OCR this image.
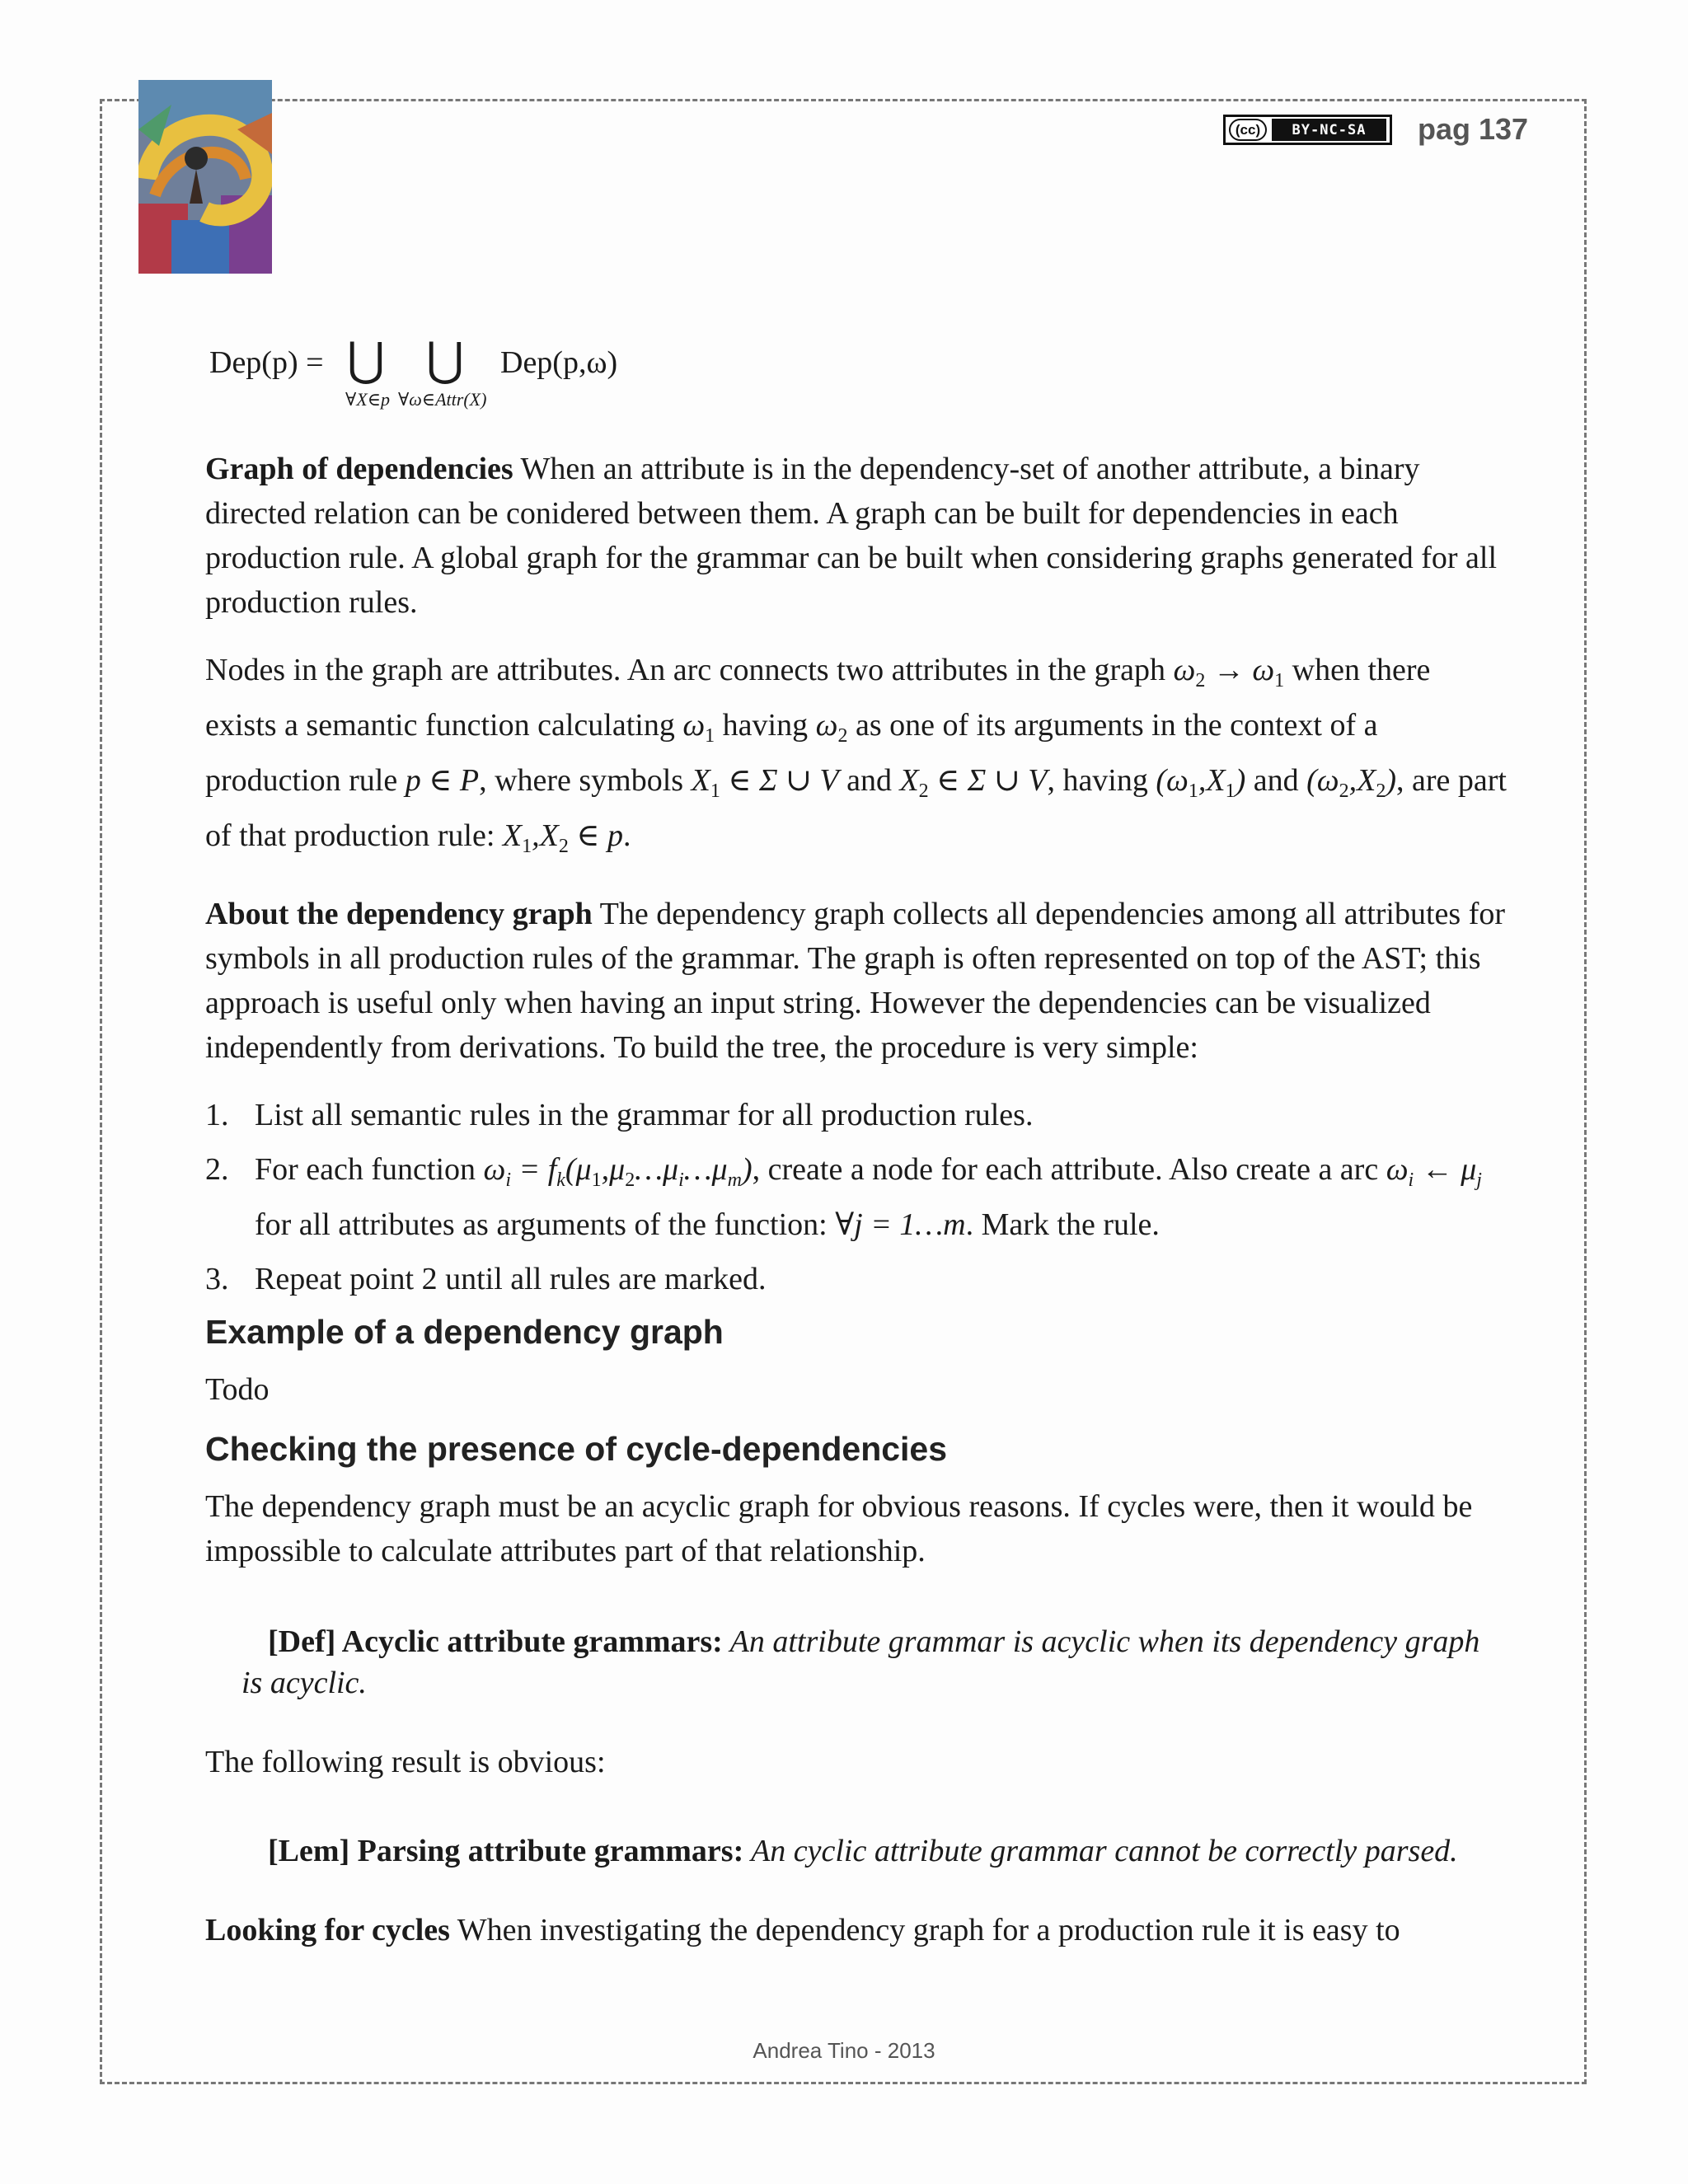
(cc)	BY-NC-SA	pag 137
Dep(p) = ⋃ ⋃
∀X∈p ∀ω∈Attr(X)
Dep(p,ω)

Graph of dependencies When an attribute is in the dependency-set of another attribute, a binary directed relation can be conidered between them. A graph can be built for dependencies in each production rule. A global graph for the grammar can be built when considering graphs generated for all production rules.

Nodes in the graph are attributes. An arc connects two attributes in the graph $\omega_2 \to \omega_1$ when there exists a semantic function calculating $\omega_1$ having $\omega_2$ as one of its arguments in the context of a production rule p ∈ P, where symbols $X_1$ ∈ Σ ∪ V and $X_2$ ∈ Σ ∪ V, having $(\omega_1,X_1)$ and $(\omega_2,X_2)$, are part of that production rule: $X_1,X_2$ ∈ p.

About the dependency graph The dependency graph collects all dependencies among all attributes for symbols in all production rules of the grammar. The graph is often represented on top of the AST; this approach is useful only when having an input string. However the dependencies can be visualized independently from derivations. To build the tree, the procedure is very simple:

1. List all semantic rules in the grammar for all production rules.
2. For each function $\omega_i$ = $f_k(\mu_1,\mu_2\dots\mu_i\dots\mu_m)$, create a node for each attribute. Also create a arc $\omega_i$ ← $\mu_j$ for all attributes as arguments of the function: ∀j = 1…m. Mark the rule.
3. Repeat point 2 until all rules are marked.
Example of a dependency graph

Todo

Checking the presence of cycle-dependencies

The dependency graph must be an acyclic graph for obvious reasons. If cycles were, then it would be impossible to calculate attributes part of that relationship.

[Def] Acyclic attribute grammars: An attribute grammar is acyclic when its dependency graph is acyclic.

The following result is obvious:

[Lem] Parsing attribute grammars: An cyclic attribute grammar cannot be correctly parsed.

Looking for cycles When investigating the dependency graph for a production rule it is easy to

Andrea Tino - 2013
